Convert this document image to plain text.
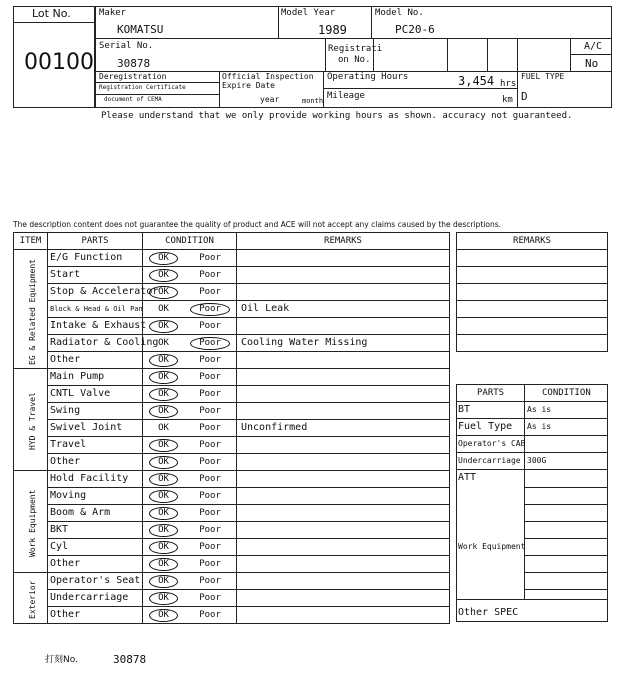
Lot No.
00100
Maker
KOMATSU
Model Year
1989
Model No.
PC20-6
Serial No.
30878
Registrati
on No.
A/C
No
Deregistration
Registration Certificate
document of CEMA
Official Inspection
Expire Date
year	month
Operating Hours	3,454 hrs
Mileage	km
FUEL TYPE
D
Please understand that we only provide working hours as shown. accuracy not guaranteed.
The description content does not guarantee the quality of product and ACE will not accept any claims caused by the descriptions.
ITEM	PARTS	CONDITION	REMARKS

EG & Related Equipment	E/G Function	OK Poor	

	Start	OK Poor	

	Stop & Accelerator	OK Poor	

	Block & Head & Oil Pan	OK Poor	Oil Leak
	Intake & Exhaust	OK Poor	

	Radiator & Cooling	OK Poor	Cooling Water Missing
	Other	OK Poor	

HYD & Travel	Main Pump	OK Poor	

	CNTL Valve	OK Poor	

	Swing	OK Poor	

	Swivel Joint	OK Poor	Unconfirmed
	Travel	OK Poor	

	Other	OK Poor	

Work Equipment	Hold Facility	OK Poor	

	Moving	OK Poor	

	Boom & Arm	OK Poor	

	BKT	OK Poor	

	Cyl	OK Poor	

	Other	OK Poor	

Exterior	Operator's Seat	OK Poor	

	Undercarriage	OK Poor	

	Other	OK Poor	

REMARKS

PARTS	CONDITION
BT	As is
Fuel Type As is
Operator's CAB
Undercarriage 300G
ATT
Work Equipment
Other SPEC
打刻No.	30878
